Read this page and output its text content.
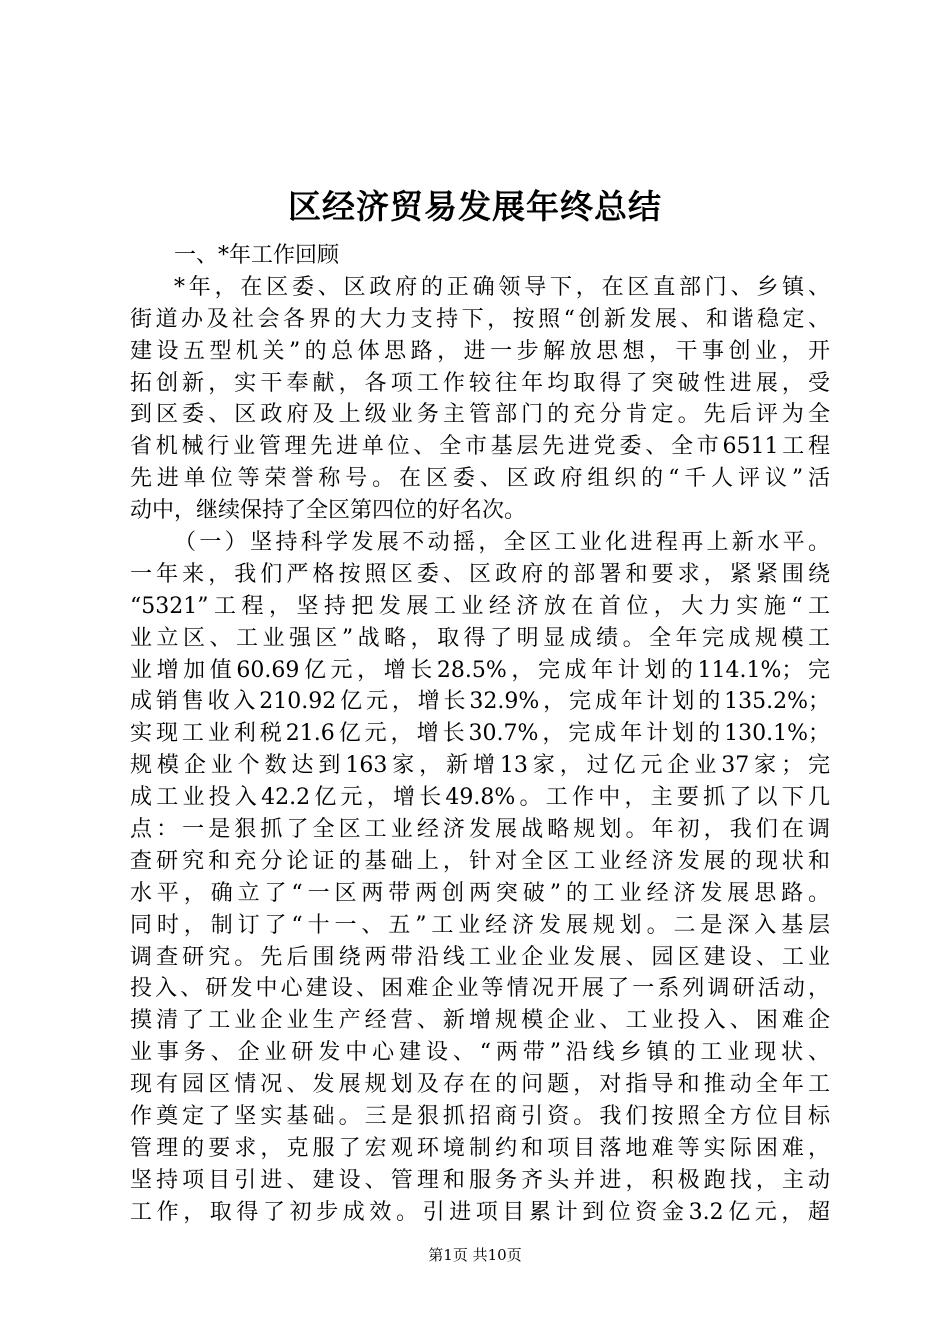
区经济贸易发展年终总结
一、*年工作回顾
*年，在区委、区政府的正确领导下，在区直部门、乡镇、
街道办及社会各界的大力支持下，按照“创新发展、和谐稳定、
建设五型机关”的总体思路，进一步解放思想，干事创业，开
拓创新，实干奉献，各项工作较往年均取得了突破性进展，受
到区委、区政府及上级业务主管部门的充分肯定。先后评为全
省机械行业管理先进单位、全市基层先进党委、全市6511工程
先进单位等荣誉称号。在区委、区政府组织的“千人评议”活
动中，继续保持了全区第四位的好名次。
（一）坚持科学发展不动摇，全区工业化进程再上新水平。
一年来，我们严格按照区委、区政府的部署和要求，紧紧围绕
“5321”工程，坚持把发展工业经济放在首位，大力实施“工
业立区、工业强区”战略，取得了明显成绩。全年完成规模工
业增加值60.69亿元，增长28.5%，完成年计划的114.1%；完
成销售收入210.92亿元，增长32.9%，完成年计划的135.2%；
实现工业利税21.6亿元，增长30.7%，完成年计划的130.1%；
规模企业个数达到163家，新增13家，过亿元企业37家；完
成工业投入42.2亿元，增长49.8%。工作中，主要抓了以下几
点：一是狠抓了全区工业经济发展战略规划。年初，我们在调
查研究和充分论证的基础上，针对全区工业经济发展的现状和
水平，确立了“一区两带两创两突破”的工业经济发展思路。
同时，制订了“十一、五”工业经济发展规划。二是深入基层
调查研究。先后围绕两带沿线工业企业发展、园区建设、工业
投入、研发中心建设、困难企业等情况开展了一系列调研活动，
摸清了工业企业生产经营、新增规模企业、工业投入、困难企
业事务、企业研发中心建设、“两带”沿线乡镇的工业现状、
现有园区情况、发展规划及存在的问题，对指导和推动全年工
作奠定了坚实基础。三是狠抓招商引资。我们按照全方位目标
管理的要求，克服了宏观环境制约和项目落地难等实际困难，
坚持项目引进、建设、管理和服务齐头并进，积极跑找，主动
工作，取得了初步成效。引进项目累计到位资金3.2亿元，超
第1页 共10页
